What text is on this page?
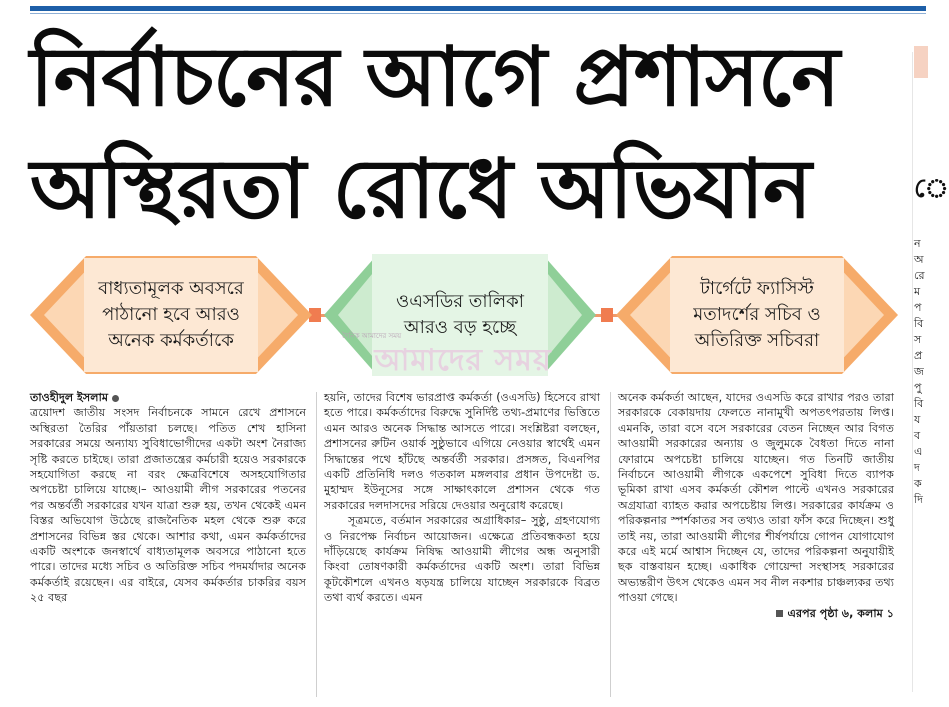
নির্বাচনের আগে প্রশাসনে
অস্থিরতা রোধে অভিযান
বাধ্যতামূলক অবসরে পাঠানো হবে আরও অনেক কর্মকর্তাকে
ওএসডির তালিকা আরও বড় হচ্ছে
টার্গেটে ফ্যাসিস্ট মতাদর্শের সচিব ও অতিরিক্ত সচিবরা
দৈনিক আমাদের সময়
আমাদের সময়

তাওহীদুল ইসলাম

ত্রয়োদশ জাতীয় সংসদ নির্বাচনকে সামনে রেখে প্রশাসনে অস্থিরতা তৈরির পাঁয়তারা চলছে। পতিত শেখ হাসিনা সরকারের সময়ে অন্যায্য সুবিধাভোগীদের একটা অংশ নৈরাজ্য সৃষ্টি করতে চাইছে। তারা প্রজাতন্ত্রের কর্মচারী হয়েও সরকারকে সহযোগিতা করছে না বরং ক্ষেত্রবিশেষে অসহযোগিতার অপচেষ্টা চালিয়ে যাচ্ছে।– আওয়ামী লীগ সরকারের পতনের পর অন্তর্বর্তী সরকারের যখন যাত্রা শুরু হয়, তখন থেকেই এমন বিস্তর অভিযোগ উঠেছে রাজনৈতিক মহল থেকে শুরু করে প্রশাসনের বিভিন্ন স্তর থেকে। আশার কথা, এমন কর্মকর্তাদের একটি অংশকে জনস্বার্থে বাধ্যতামূলক অবসরে পাঠানো হতে পারে। তাদের মধ্যে সচিব ও অতিরিক্ত সচিব পদমর্যাদার অনেক কর্মকর্তাই রয়েছেন। এর বাইরে, যেসব কর্মকর্তার চাকরির বয়স ২৫ বছর

হয়নি, তাদের বিশেষ ভারপ্রাপ্ত কর্মকর্তা (ওএসডি) হিসেবে রাখা হতে পারে। কর্মকর্তাদের বিরুদ্ধে সুনির্দিষ্ট তথ্য-প্রমাণের ভিত্তিতে এমন আরও অনেক সিদ্ধান্ত আসতে পারে। সংশ্লিষ্টরা বলছেন, প্রশাসনের রুটিন ওয়ার্ক সুষ্ঠুভাবে এগিয়ে নেওয়ার স্বার্থেই এমন সিদ্ধান্তের পথে হাঁটছে অন্তর্বর্তী সরকার। প্রসঙ্গত, বিএনপির একটি প্রতিনিধি দলও গতকাল মঙ্গলবার প্রধান উপদেষ্টা ড. মুহাম্মদ ইউনূসের সঙ্গে সাক্ষাৎকালে প্রশাসন থেকে গত সরকারের দলদাসদের সরিয়ে দেওয়ার অনুরোধ করেছে।

সূত্রমতে, বর্তমান সরকারের অগ্রাধিকার– সুষ্ঠু, গ্রহণযোগ্য ও নিরপেক্ষ নির্বাচন আয়োজন। এক্ষেত্রে প্রতিবন্ধকতা হয়ে দাঁড়িয়েছে কার্যক্রম নিষিদ্ধ আওয়ামী লীগের অন্ধ অনুসারী কিংবা তোষণকারী কর্মকর্তাদের একটি অংশ। তারা বিভিন্ন কূটকৌশলে এখনও ষড়যন্ত্র চালিয়ে যাচ্ছেন সরকারকে বিব্রত তথা ব্যর্থ করতে। এমন

অনেক কর্মকর্তা আছেন, যাদের ওএসডি করে রাখার পরও তারা সরকারকে বেকায়দায় ফেলতে নানামুখী অপতৎপরতায় লিপ্ত। এমনকি, তারা বসে বসে সরকারের বেতন নিচ্ছেন আর বিগত আওয়ামী সরকারের অন্যায় ও জুলুমকে বৈধতা দিতে নানা ফোরামে অপচেষ্টা চালিয়ে যাচ্ছেন। গত তিনটি জাতীয় নির্বাচনে আওয়ামী লীগকে একপেশে সুবিধা দিতে ব্যাপক ভূমিকা রাখা এসব কর্মকর্তা কৌশল পাল্টে এখনও সরকারের অগ্রযাত্রা ব্যাহত করার অপচেষ্টায় লিপ্ত। সরকারের কার্যক্রম ও পরিকল্পনার স্পর্শকাতর সব তথ্যও তারা ফাঁস করে দিচ্ছেন। শুধু তাই নয়, তারা আওয়ামী লীগের শীর্ষপর্যায়ে গোপন যোগাযোগ করে এই মর্মে আশ্বাস দিচ্ছেন যে, তাদের পরিকল্পনা অনুযায়ীই ছক বাস্তবায়ন হচ্ছে। একাধিক গোয়েন্দা সংস্থাসহ সরকারের অভ্যন্তরীণ উৎস থেকেও এমন সব নীল নকশার চাঞ্চল্যকর তথ্য পাওয়া গেছে।

এরপর পৃষ্ঠা ৬, কলাম ১

ে
ন
অ
রে
ম
প
বি
স
প্র
জ
পু
বি
য
ব
এ
দ
ক
দি
